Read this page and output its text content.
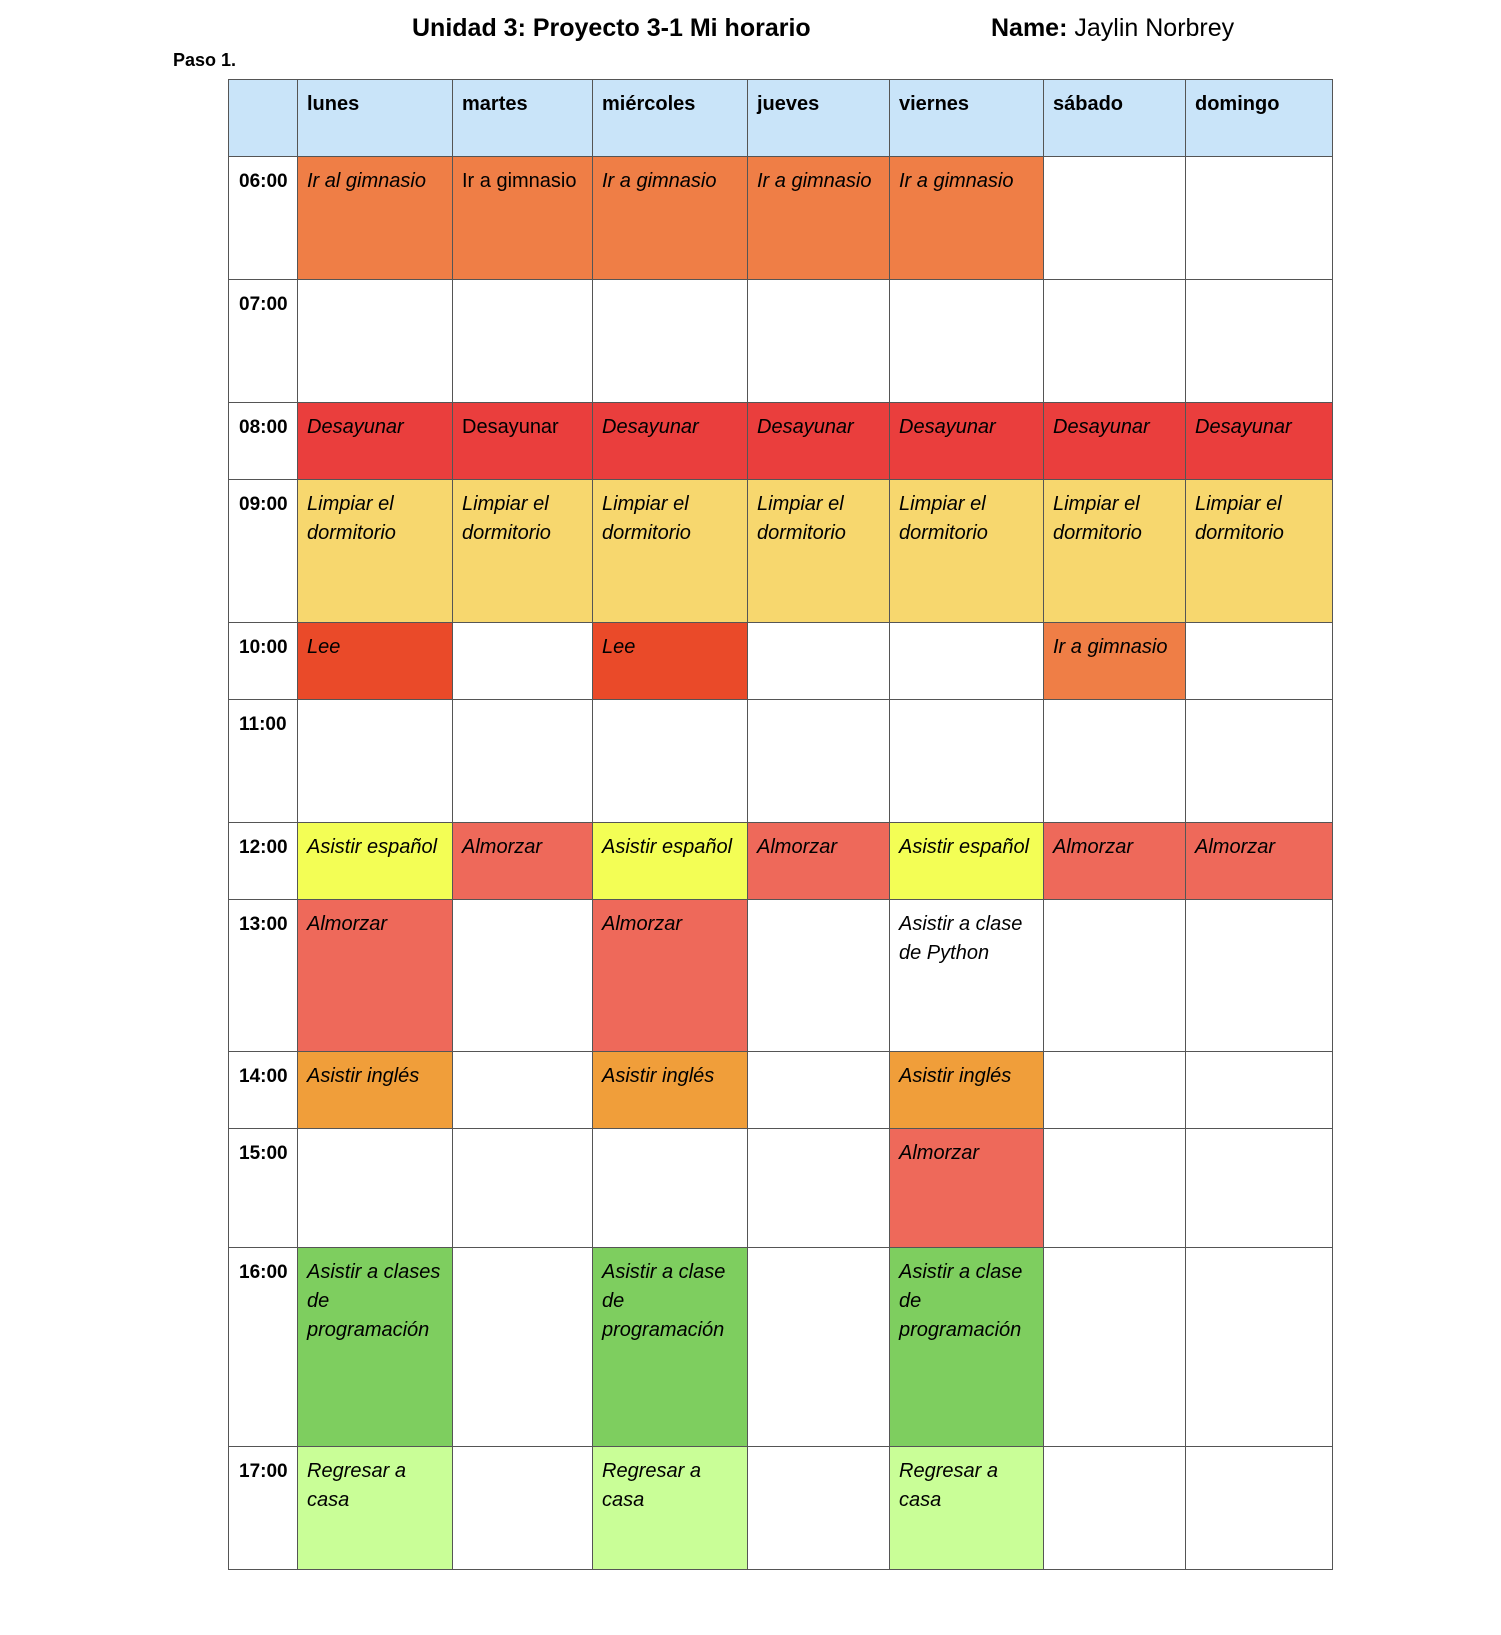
Unidad 3: Proyecto 3-1 Mi horario	Name: Jaylin Norbrey
Paso 1.
	lunes	martes	miércoles	jueves	viernes	sábado	domingo
06:00	Ir al gimnasio	Ir a gimnasio	Ir a gimnasio	Ir a gimnasio	Ir a gimnasio		
07:00							
08:00	Desayunar	Desayunar	Desayunar	Desayunar	Desayunar	Desayunar	Desayunar
09:00	Limpiar el dormitorio	Limpiar el dormitorio	Limpiar el dormitorio	Limpiar el dormitorio	Limpiar el dormitorio	Limpiar el dormitorio	Limpiar el dormitorio
10:00	Lee		Lee			Ir a gimnasio	
11:00							
12:00	Asistir español	Almorzar	Asistir español	Almorzar	Asistir español	Almorzar	Almorzar
13:00	Almorzar		Almorzar		Asistir a clase de Python		
14:00	Asistir inglés		Asistir inglés		Asistir inglés		
15:00					Almorzar		
16:00	Asistir a clases de programación		Asistir a clase de programación		Asistir a clase de programación		
17:00	Regresar a casa		Regresar a casa		Regresar a casa		
